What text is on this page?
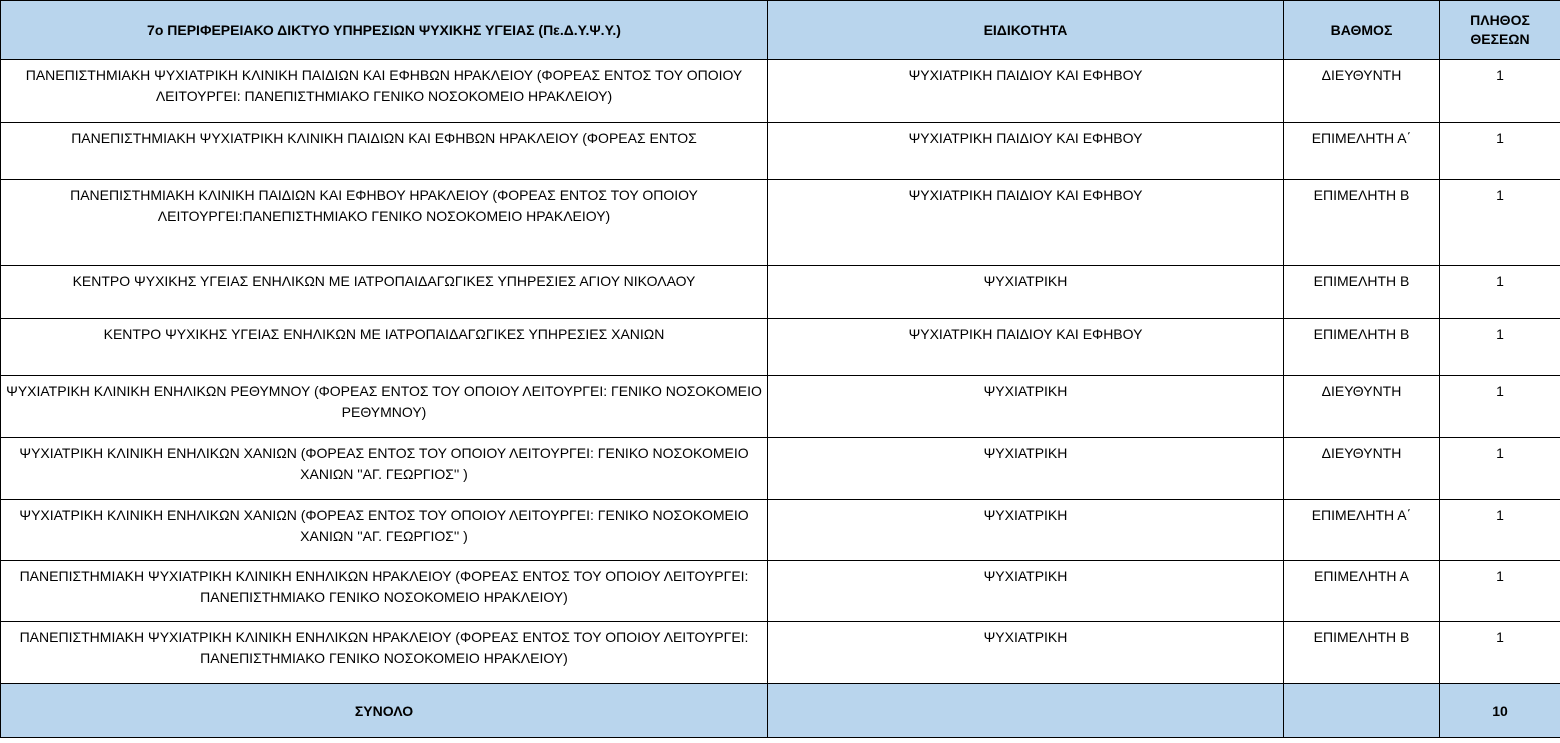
7ο ΠΕΡΙΦΕΡΕΙΑΚΟ ΔΙΚΤΥΟ ΥΠΗΡΕΣΙΩΝ ΨΥΧΙΚΗΣ ΥΓΕΙΑΣ (Πε.Δ.Υ.Ψ.Υ.)	ΕΙΔΙΚΟΤΗΤΑ	ΒΑΘΜΟΣ	ΠΛΗΘΟΣ
ΘΕΣΕΩΝ
ΠΑΝΕΠΙΣΤΗΜΙΑΚΗ ΨΥΧΙΑΤΡΙΚΗ ΚΛΙΝΙΚΗ ΠΑΙΔΙΩΝ ΚΑΙ ΕΦΗΒΩΝ ΗΡΑΚΛΕΙΟΥ (ΦΟΡΕΑΣ ΕΝΤΟΣ ΤΟΥ ΟΠΟΙΟΥ ΛΕΙΤΟΥΡΓΕΙ: ΠΑΝΕΠΙΣΤΗΜΙΑΚΟ ΓΕΝΙΚΟ ΝΟΣΟΚΟΜΕΙΟ ΗΡΑΚΛΕΙΟΥ)	ΨΥΧΙΑΤΡΙΚΗ ΠΑΙΔΙΟΥ ΚΑΙ ΕΦΗΒΟΥ	ΔΙΕΥΘΥΝΤΗ	1
ΠΑΝΕΠΙΣΤΗΜΙΑΚΗ ΨΥΧΙΑΤΡΙΚΗ ΚΛΙΝΙΚΗ ΠΑΙΔΙΩΝ ΚΑΙ ΕΦΗΒΩΝ ΗΡΑΚΛΕΙΟΥ (ΦΟΡΕΑΣ ΕΝΤΟΣ	ΨΥΧΙΑΤΡΙΚΗ ΠΑΙΔΙΟΥ ΚΑΙ ΕΦΗΒΟΥ	ΕΠΙΜΕΛΗΤΗ Α΄	1
ΠΑΝΕΠΙΣΤΗΜΙΑΚΗ ΚΛΙΝΙΚΗ ΠΑΙΔΙΩΝ ΚΑΙ ΕΦΗΒΟΥ ΗΡΑΚΛΕΙΟΥ (ΦΟΡΕΑΣ ΕΝΤΟΣ ΤΟΥ ΟΠΟΙΟΥ ΛΕΙΤΟΥΡΓΕΙ:ΠΑΝΕΠΙΣΤΗΜΙΑΚΟ ΓΕΝΙΚΟ ΝΟΣΟΚΟΜΕΙΟ ΗΡΑΚΛΕΙΟΥ)	ΨΥΧΙΑΤΡΙΚΗ ΠΑΙΔΙΟΥ ΚΑΙ ΕΦΗΒΟΥ	ΕΠΙΜΕΛΗΤΗ Β	1
ΚΕΝΤΡΟ ΨΥΧΙΚΗΣ ΥΓΕΙΑΣ ΕΝΗΛΙΚΩΝ ΜΕ ΙΑΤΡΟΠΑΙΔΑΓΩΓΙΚΕΣ ΥΠΗΡΕΣΙΕΣ ΑΓΙΟΥ ΝΙΚΟΛΑΟΥ	ΨΥΧΙΑΤΡΙΚΗ	ΕΠΙΜΕΛΗΤΗ Β	1
ΚΕΝΤΡΟ ΨΥΧΙΚΗΣ ΥΓΕΙΑΣ ΕΝΗΛΙΚΩΝ ΜΕ ΙΑΤΡΟΠΑΙΔΑΓΩΓΙΚΕΣ ΥΠΗΡΕΣΙΕΣ ΧΑΝΙΩΝ	ΨΥΧΙΑΤΡΙΚΗ ΠΑΙΔΙΟΥ ΚΑΙ ΕΦΗΒΟΥ	ΕΠΙΜΕΛΗΤΗ Β	1
ΨΥΧΙΑΤΡΙΚΗ ΚΛΙΝΙΚΗ ΕΝΗΛΙΚΩΝ ΡΕΘΥΜΝΟΥ (ΦΟΡΕΑΣ ΕΝΤΟΣ ΤΟΥ ΟΠΟΙΟΥ ΛΕΙΤΟΥΡΓΕΙ: ΓΕΝΙΚΟ ΝΟΣΟΚΟΜΕΙΟ ΡΕΘΥΜΝΟΥ)	ΨΥΧΙΑΤΡΙΚΗ	ΔΙΕΥΘΥΝΤΗ	1
ΨΥΧΙΑΤΡΙΚΗ ΚΛΙΝΙΚΗ ΕΝΗΛΙΚΩΝ ΧΑΝΙΩΝ (ΦΟΡΕΑΣ ΕΝΤΟΣ ΤΟΥ ΟΠΟΙΟΥ ΛΕΙΤΟΥΡΓΕΙ: ΓΕΝΙΚΟ ΝΟΣΟΚΟΜΕΙΟ ΧΑΝΙΩΝ ''ΑΓ. ΓΕΩΡΓΙΟΣ'' )	ΨΥΧΙΑΤΡΙΚΗ	ΔΙΕΥΘΥΝΤΗ	1
ΨΥΧΙΑΤΡΙΚΗ ΚΛΙΝΙΚΗ ΕΝΗΛΙΚΩΝ ΧΑΝΙΩΝ (ΦΟΡΕΑΣ ΕΝΤΟΣ ΤΟΥ ΟΠΟΙΟΥ ΛΕΙΤΟΥΡΓΕΙ: ΓΕΝΙΚΟ ΝΟΣΟΚΟΜΕΙΟ ΧΑΝΙΩΝ ''ΑΓ. ΓΕΩΡΓΙΟΣ'' )	ΨΥΧΙΑΤΡΙΚΗ	ΕΠΙΜΕΛΗΤΗ Α΄	1
ΠΑΝΕΠΙΣΤΗΜΙΑΚΗ ΨΥΧΙΑΤΡΙΚΗ ΚΛΙΝΙΚΗ ΕΝΗΛΙΚΩΝ ΗΡΑΚΛΕΙΟΥ (ΦΟΡΕΑΣ ΕΝΤΟΣ ΤΟΥ ΟΠΟΙΟΥ ΛΕΙΤΟΥΡΓΕΙ: ΠΑΝΕΠΙΣΤΗΜΙΑΚΟ ΓΕΝΙΚΟ ΝΟΣΟΚΟΜΕΙΟ ΗΡΑΚΛΕΙΟΥ)	ΨΥΧΙΑΤΡΙΚΗ	ΕΠΙΜΕΛΗΤΗ Α	1
ΠΑΝΕΠΙΣΤΗΜΙΑΚΗ ΨΥΧΙΑΤΡΙΚΗ ΚΛΙΝΙΚΗ ΕΝΗΛΙΚΩΝ ΗΡΑΚΛΕΙΟΥ (ΦΟΡΕΑΣ ΕΝΤΟΣ ΤΟΥ ΟΠΟΙΟΥ ΛΕΙΤΟΥΡΓΕΙ: ΠΑΝΕΠΙΣΤΗΜΙΑΚΟ ΓΕΝΙΚΟ ΝΟΣΟΚΟΜΕΙΟ ΗΡΑΚΛΕΙΟΥ)	ΨΥΧΙΑΤΡΙΚΗ	ΕΠΙΜΕΛΗΤΗ Β	1
ΣΥΝΟΛΟ			10
